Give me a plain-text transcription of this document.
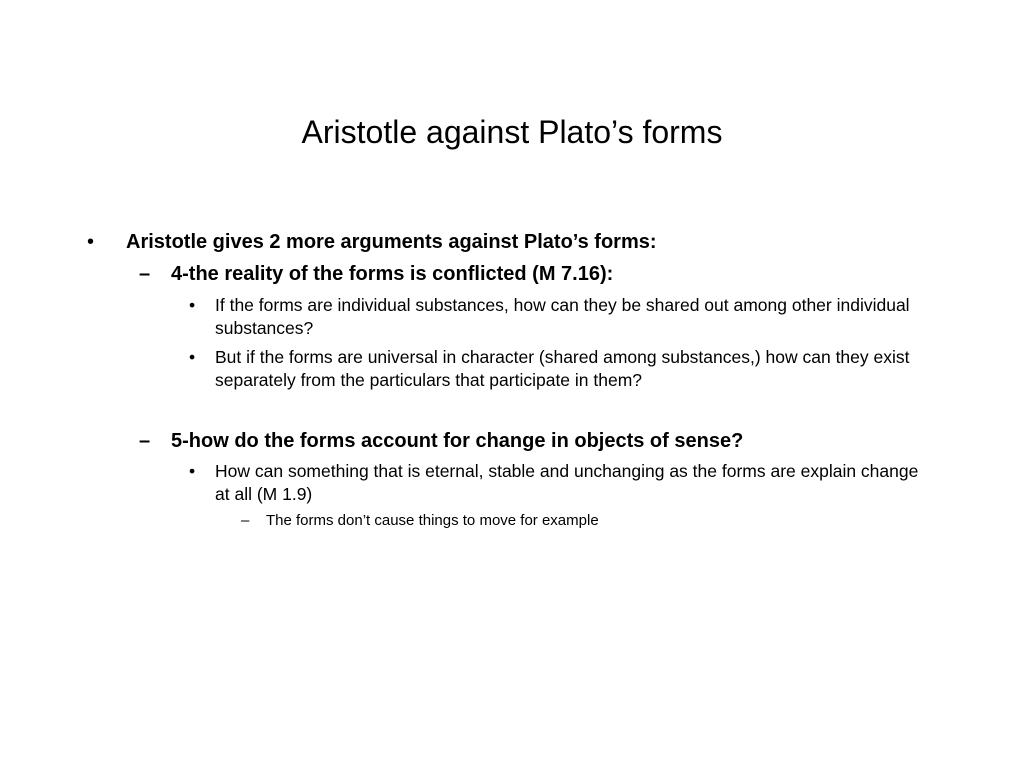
Aristotle against Plato’s forms
•	Aristotle gives 2 more arguments against Plato’s forms:
–	4-the reality of the forms is conflicted (M 7.16):
•	If the forms are individual substances, how can they be shared out among other individual substances?
•	But if the forms are universal in character (shared among substances,) how can they exist separately from the particulars that participate in them?
–	5-how do the forms account for change in objects of sense?
•	How can something that is eternal, stable and unchanging as the forms are explain change at all (M 1.9)
–	The forms don’t cause things to move for example
